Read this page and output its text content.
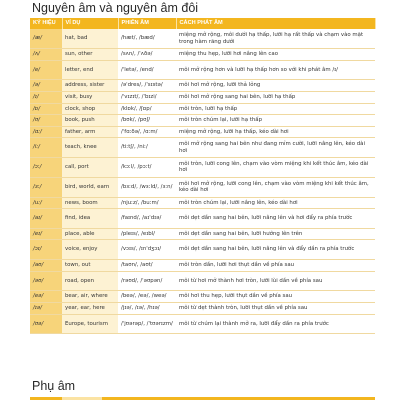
Nguyên âm và nguyên âm đôi
KÝ HIỆU	VÍ DỤ	PHIÊN ÂM	CÁCH PHÁT ÂM
/æ/	hat, bad	/hæt/, /bæd/	miệng mở rộng, môi dưới hạ thấp, lưỡi hạ rất thấp và chạm vào mặt trong hàm răng dưới
/ʌ/	sun, other	/sʌn/, /ˈʌðə/	miệng thu hẹp, lưỡi hơi nâng lên cao
/e/	letter, end	/ˈletə/, /end/	môi mở rộng hơn và lưỡi hạ thấp hơn so với khi phát âm /ɪ/
/ə/	address, sister	/əˈdres/, /ˈsɪstə/	môi hơi mở rộng, lưỡi thả lỏng
/ɪ/	visit, busy	/ˈvɪzɪt/, /ˈbɪzi/	môi hơi mở rộng sang hai bên, lưỡi hạ thấp
/ɒ/	clock, shop	/klɒk/, /ʃɒp/	môi tròn, lưỡi hạ thấp
/ʊ/	book, push	/bʊk/, /pʊʃ/	môi tròn chúm lại, lưỡi hạ thấp
/ɑː/	father, arm	/ˈfɑːðə/, /ɑːm/	miệng mở rộng, lưỡi hạ thấp, kéo dài hơi
/iː/	teach, knee	/tiːtʃ/, /niː/	môi mở rộng sang hai bên như đang mỉm cười, lưỡi nâng lên, kéo dài hơi
/ɔː/	call, port	/kɔːl/, /pɔːt/	môi tròn, lưỡi cong lên, chạm vào vòm miệng khi kết thúc âm, kéo dài hơi
/ɜː/	bird, world, earn	/bɜːd/, /wɜːld/, /ɜːn/	môi hơi mở rộng, lưỡi cong lên, chạm vào vòm miệng khi kết thúc âm, kéo dài hơi
/uː/	news, boom	/njuːz/, /buːm/	môi tròn chúm lại, lưỡi nâng lên, kéo dài hơi
/aɪ/	find, idea	/faɪnd/, /aɪˈdɪə/	môi dẹt dần sang hai bên, lưỡi nâng lên và hơi đẩy ra phía trước
/eɪ/	place, able	/pleɪs/, /eɪbl/	môi dẹt dần sang hai bên, lưỡi hướng lên trên
/ɔɪ/	voice, enjoy	/vɔɪs/, /ɪnˈdʒɔɪ/	môi dẹt dần sang hai bên, lưỡi nâng lên và đẩy dần ra phía trước
/aʊ/	town, out	/taʊn/, /aʊt/	môi tròn dần, lưỡi hơi thụt dần về phía sau
/əʊ/	road, open	/rəʊd/, /ˈəʊpən/	môi từ hơi mở thành hơi tròn, lưỡi lùi dần về phía sau
/eə/	bear, air, where	/beə/, /eə/, /weə/	môi hơi thu hẹp, lưỡi thụt dần về phía sau
/ɪə/	year, ear, here	/jɪə/, /ɪə/, /hɪə/	môi từ dẹt thành tròn, lưỡi thụt dần về phía sau
/ʊə/	Europe, tourism	/ˈjʊərəp/, /ˈtʊərɪzm/	môi từ chúm lại thành mở ra, lưỡi đẩy dần ra phía trước
Phụ âm
